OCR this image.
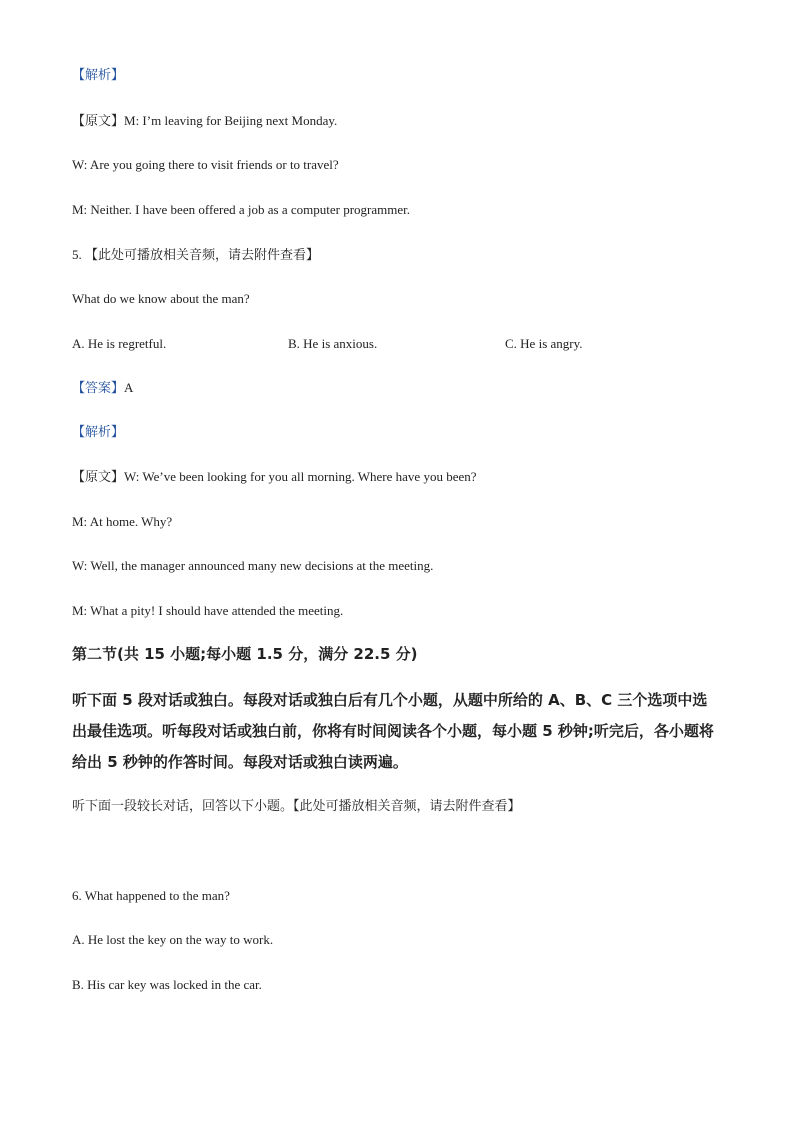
【解析】
【原文】M: I’m leaving for Beijing next Monday.
W: Are you going there to visit friends or to travel?
M: Neither. I have been offered a job as a computer programmer.
5. 【此处可播放相关音频，请去附件查看】
What do we know about the man?
A. He is regretful.	B. He is anxious.	C. He is angry.
【答案】A
【解析】
【原文】W: We’ve been looking for you all morning. Where have you been?
M: At home. Why?
W: Well, the manager announced many new decisions at the meeting.
M: What a pity! I should have attended the meeting.
第二节(共 15 小题;每小题 1.5 分，满分 22.5 分)
听下面 5 段对话或独白。每段对话或独白后有几个小题，从题中所给的 A、B、C 三个选项中选出最佳选项。听每段对话或独白前，你将有时间阅读各个小题，每小题 5 秒钟;听完后，各小题将给出 5 秒钟的作答时间。每段对话或独白读两遍。
听下面一段较长对话，回答以下小题。【此处可播放相关音频，请去附件查看】
6. What happened to the man?
A. He lost the key on the way to work.
B. His car key was locked in the car.
